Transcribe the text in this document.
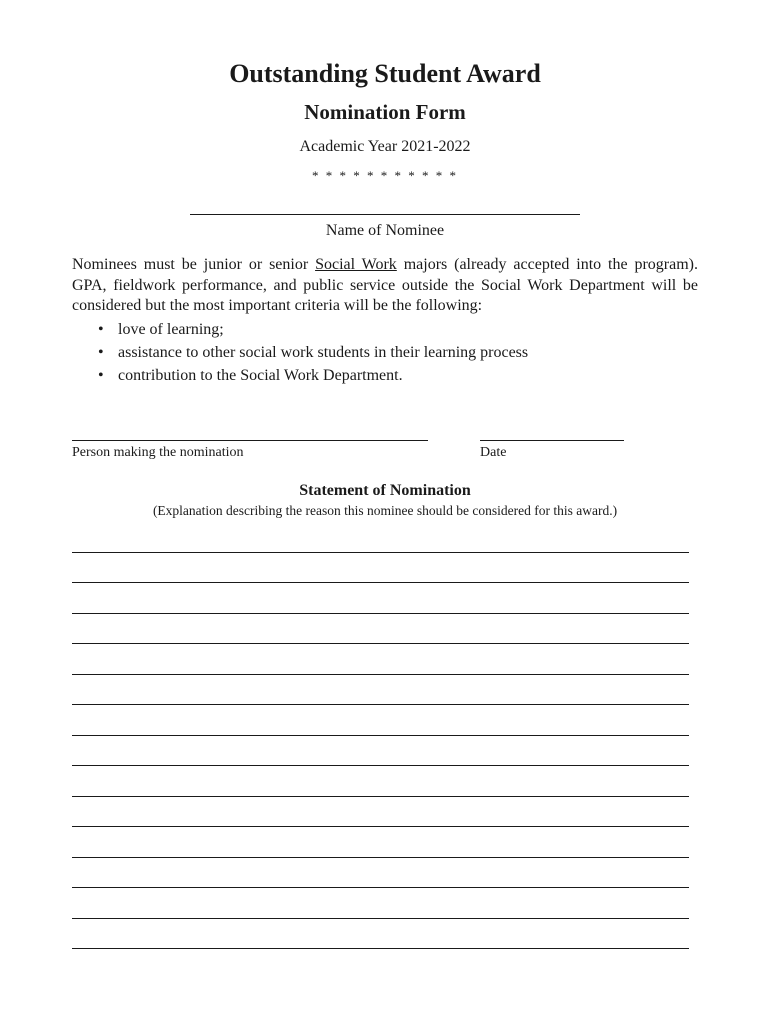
Outstanding Student Award
Nomination Form
Academic Year 2021-2022
* * * * * * * * * * *
Name of Nominee
Nominees must be junior or senior Social Work majors (already accepted into the program). GPA, fieldwork performance, and public service outside the Social Work Department will be considered but the most important criteria will be the following:
• love of learning;
• assistance to other social work students in their learning process
• contribution to the Social Work Department.
Person making the nomination	Date
Statement of Nomination
(Explanation describing the reason this nominee should be considered for this award.)
